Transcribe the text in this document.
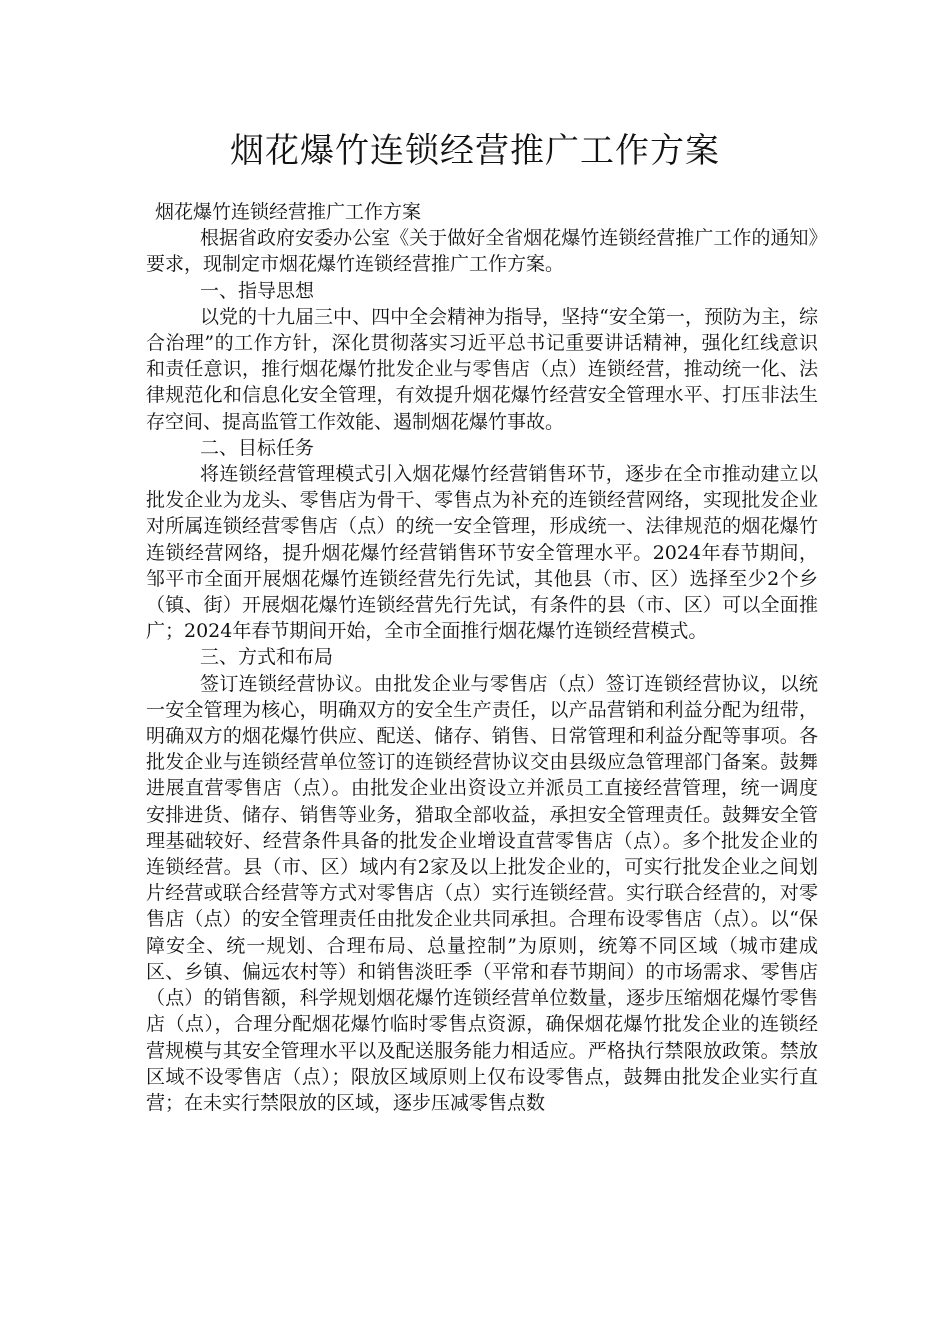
烟花爆竹连锁经营推广工作方案

烟花爆竹连锁经营推广工作方案

根据省政府安委办公室《关于做好全省烟花爆竹连锁经营推广工作的通知》要求，现制定市烟花爆竹连锁经营推广工作方案。

一、指导思想

以党的十九届三中、四中全会精神为指导，坚持“安全第一，预防为主，综合治理”的工作方针，深化贯彻落实习近平总书记重要讲话精神，强化红线意识和责任意识，推行烟花爆竹批发企业与零售店（点）连锁经营，推动统一化、法律规范化和信息化安全管理，有效提升烟花爆竹经营安全管理水平、打压非法生存空间、提高监管工作效能、遏制烟花爆竹事故。

二、目标任务

将连锁经营管理模式引入烟花爆竹经营销售环节，逐步在全市推动建立以批发企业为龙头、零售店为骨干、零售点为补充的连锁经营网络，实现批发企业对所属连锁经营零售店（点）的统一安全管理，形成统一、法律规范的烟花爆竹连锁经营网络，提升烟花爆竹经营销售环节安全管理水平。2024年春节期间，邹平市全面开展烟花爆竹连锁经营先行先试，其他县（市、区）选择至少2个乡（镇、街）开展烟花爆竹连锁经营先行先试，有条件的县（市、区）可以全面推广；2024年春节期间开始，全市全面推行烟花爆竹连锁经营模式。

三、方式和布局

签订连锁经营协议。由批发企业与零售店（点）签订连锁经营协议，以统一安全管理为核心，明确双方的安全生产责任，以产品营销和利益分配为纽带，明确双方的烟花爆竹供应、配送、储存、销售、日常管理和利益分配等事项。各批发企业与连锁经营单位签订的连锁经营协议交由县级应急管理部门备案。鼓舞进展直营零售店（点）。由批发企业出资设立并派员工直接经营管理，统一调度安排进货、储存、销售等业务，猎取全部收益，承担安全管理责任。鼓舞安全管理基础较好、经营条件具备的批发企业增设直营零售店（点）。多个批发企业的连锁经营。县（市、区）域内有2家及以上批发企业的，可实行批发企业之间划片经营或联合经营等方式对零售店（点）实行连锁经营。实行联合经营的，对零售店（点）的安全管理责任由批发企业共同承担。合理布设零售店（点）。以“保障安全、统一规划、合理布局、总量控制”为原则，统筹不同区域（城市建成区、乡镇、偏远农村等）和销售淡旺季（平常和春节期间）的市场需求、零售店（点）的销售额，科学规划烟花爆竹连锁经营单位数量，逐步压缩烟花爆竹零售店（点），合理分配烟花爆竹临时零售点资源，确保烟花爆竹批发企业的连锁经营规模与其安全管理水平以及配送服务能力相适应。严格执行禁限放政策。禁放区域不设零售店（点）；限放区域原则上仅布设零售点，鼓舞由批发企业实行直营；在未实行禁限放的区域，逐步压减零售点数
